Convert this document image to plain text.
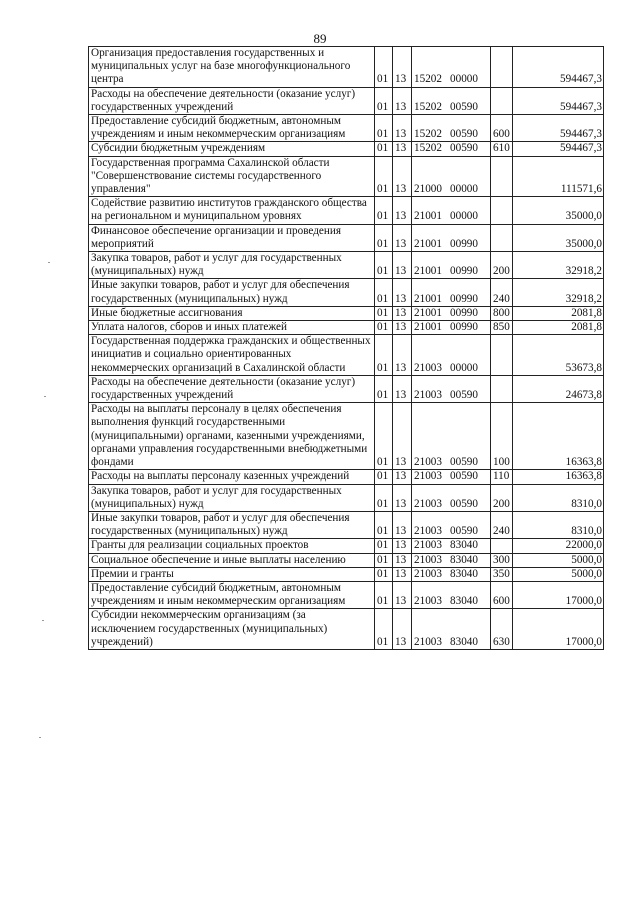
89
Организация предоставления государственных и муниципальных услуг на базе многофункционального центра	01	13	15202 00000		594467,3
Расходы на обеспечение деятельности (оказание услуг) государственных учреждений	01	13	15202 00590		594467,3
Предоставление субсидий бюджетным, автономным учреждениям и иным некоммерческим организациям	01	13	15202 00590	600	594467,3
Субсидии бюджетным учреждениям	01	13	15202 00590	610	594467,3
Государственная программа Сахалинской области "Совершенствование системы государственного управления"	01	13	21000 00000		111571,6
Содействие развитию институтов гражданского общества на региональном и муниципальном уровнях	01	13	21001 00000		35000,0
Финансовое обеспечение организации и проведения мероприятий	01	13	21001 00990		35000,0
Закупка товаров, работ и услуг для государственных (муниципальных) нужд	01	13	21001 00990	200	32918,2
Иные закупки товаров, работ и услуг для обеспечения государственных (муниципальных) нужд	01	13	21001 00990	240	32918,2
Иные бюджетные ассигнования	01	13	21001 00990	800	2081,8
Уплата налогов, сборов и иных платежей	01	13	21001 00990	850	2081,8
Государственная поддержка гражданских и общественных инициатив и социально ориентированных некоммерческих организаций в Сахалинской области	01	13	21003 00000		53673,8
Расходы на обеспечение деятельности (оказание услуг) государственных учреждений	01	13	21003 00590		24673,8
Расходы на выплаты персоналу в целях обеспечения выполнения функций государственными (муниципальными) органами, казенными учреждениями, органами управления государственными внебюджетными фондами	01	13	21003 00590	100	16363,8
Расходы на выплаты персоналу казенных учреждений	01	13	21003 00590	110	16363,8
Закупка товаров, работ и услуг для государственных (муниципальных) нужд	01	13	21003 00590	200	8310,0
Иные закупки товаров, работ и услуг для обеспечения государственных (муниципальных) нужд	01	13	21003 00590	240	8310,0
Гранты для реализации социальных проектов	01	13	21003 83040		22000,0
Социальное обеспечение и иные выплаты населению	01	13	21003 83040	300	5000,0
Премии и гранты	01	13	21003 83040	350	5000,0
Предоставление субсидий бюджетным, автономным учреждениям и иным некоммерческим организациям	01	13	21003 83040	600	17000,0
Субсидии некоммерческим организациям (за исключением государственных (муниципальных) учреждений)	01	13	21003 83040	630	17000,0
